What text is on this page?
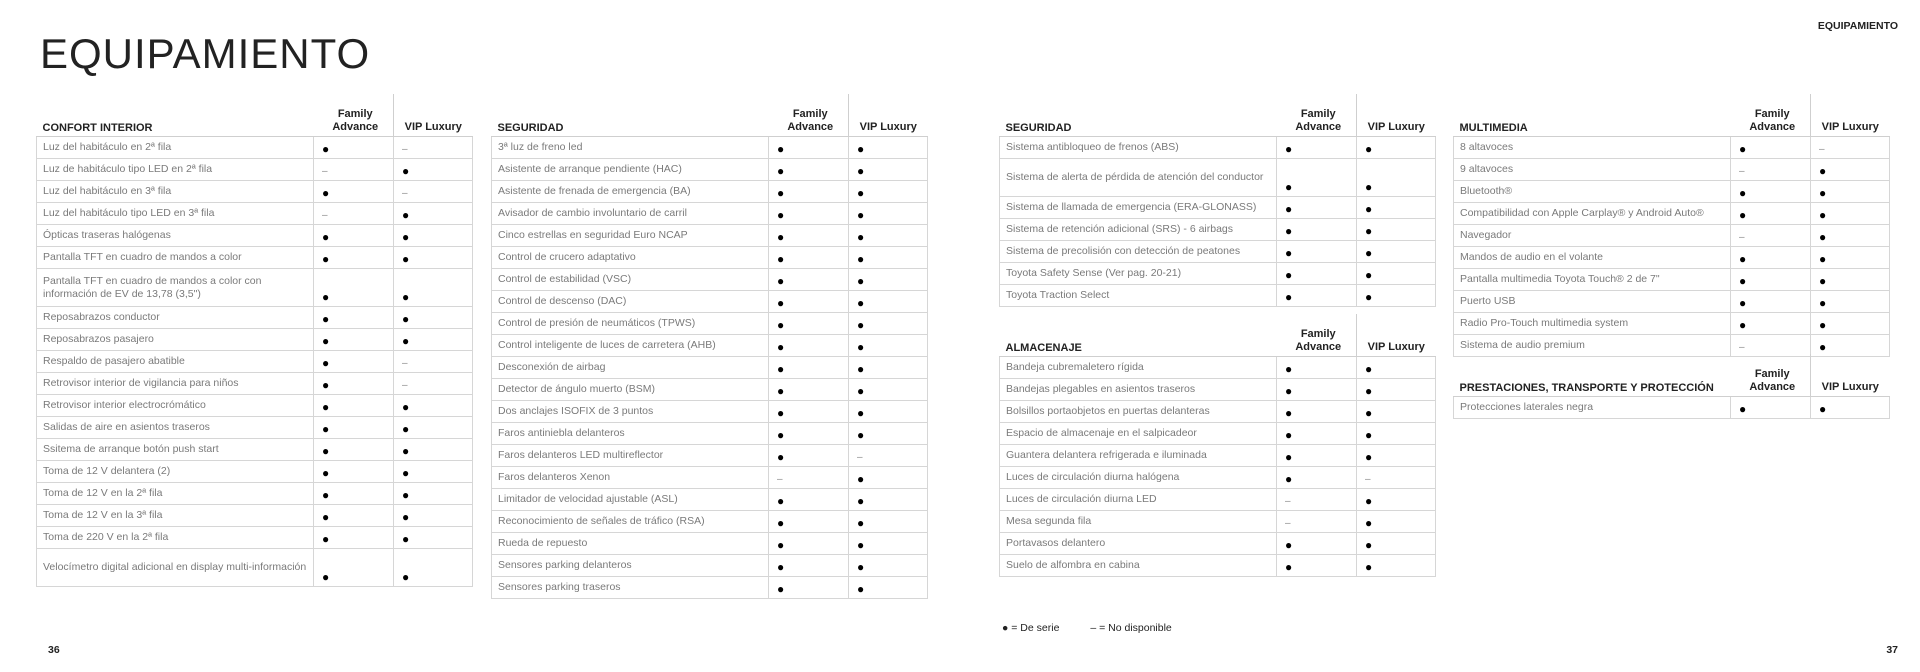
EQUIPAMIENTO
EQUIPAMIENTO
CONFORT INTERIOR	Family
Advance	VIP Luxury
Luz del habitáculo en 2ª fila	●	–
Luz de habitáculo tipo LED en 2ª fila	–	●
Luz del habitáculo en 3ª fila	●	–
Luz del habitáculo tipo LED en 3ª fila	–	●
Ópticas traseras halógenas	●	●
Pantalla TFT en cuadro de mandos a color	●	●
Pantalla TFT en cuadro de mandos a color con información de EV de 13,78 (3,5")	●	●
Reposabrazos conductor	●	●
Reposabrazos pasajero	●	●
Respaldo de pasajero abatible	●	–
Retrovisor interior de vigilancia para niños	●	–
Retrovisor interior electrocrómático	●	●
Salidas de aire en asientos traseros	●	●
Ssitema de arranque botón push start	●	●
Toma de 12 V delantera (2)	●	●
Toma de 12 V en la 2ª fila	●	●
Toma de 12 V en la 3ª fila	●	●
Toma de 220 V en la 2ª fila	●	●
Velocímetro digital adicional en display multi-información	●	●
SEGURIDAD	Family
Advance	VIP Luxury
3ª luz de freno led	●	●
Asistente de arranque pendiente (HAC)	●	●
Asistente de frenada de emergencia (BA)	●	●
Avisador de cambio involuntario de carril	●	●
Cinco estrellas en seguridad Euro NCAP	●	●
Control de crucero adaptativo	●	●
Control de estabilidad (VSC)	●	●
Control de descenso (DAC)	●	●
Control de presión de neumáticos (TPWS)	●	●
Control inteligente de luces de carretera (AHB)	●	●
Desconexión de airbag	●	●
Detector de ángulo muerto (BSM)	●	●
Dos anclajes ISOFIX de 3 puntos	●	●
Faros antiniebla delanteros	●	●
Faros delanteros LED multireflector	●	–
Faros delanteros Xenon	–	●
Limitador de velocidad ajustable (ASL)	●	●
Reconocimiento de señales de tráfico (RSA)	●	●
Rueda de repuesto	●	●
Sensores parking delanteros	●	●
Sensores parking traseros	●	●
SEGURIDAD	Family
Advance	VIP Luxury
Sistema antibloqueo de frenos (ABS)	●	●
Sistema de alerta de pérdida de atención del conductor	●	●
Sistema de llamada de emergencia (ERA-GLONASS)	●	●
Sistema de retención adicional (SRS) - 6 airbags	●	●
Sistema de precolisión con detección de peatones	●	●
Toyota Safety Sense (Ver pag. 20-21)	●	●
Toyota Traction Select	●	●
ALMACENAJE	Family
Advance	VIP Luxury
Bandeja cubremaletero rígida	●	●
Bandejas plegables en asientos traseros	●	●
Bolsillos portaobjetos en puertas delanteras	●	●
Espacio de almacenaje en el salpicadeor	●	●
Guantera delantera refrigerada e iluminada	●	●
Luces de circulación diurna halógena	●	–
Luces de circulación diurna LED	–	●
Mesa segunda fila	–	●
Portavasos delantero	●	●
Suelo de alfombra en cabina	●	●
MULTIMEDIA	Family
Advance	VIP Luxury
8 altavoces	●	–
9 altavoces	–	●
Bluetooth®	●	●
Compatibilidad con Apple Carplay® y Android Auto®	●	●
Navegador	–	●
Mandos de audio en el volante	●	●
Pantalla multimedia Toyota Touch® 2 de 7"	●	●
Puerto USB	●	●
Radio Pro-Touch multimedia system	●	●
Sistema de audio premium	–	●
PRESTACIONES, TRANSPORTE Y PROTECCIÓN	Family
Advance	VIP Luxury
Protecciones laterales negra	●	●
● = De serie	– = No disponible
36	37
